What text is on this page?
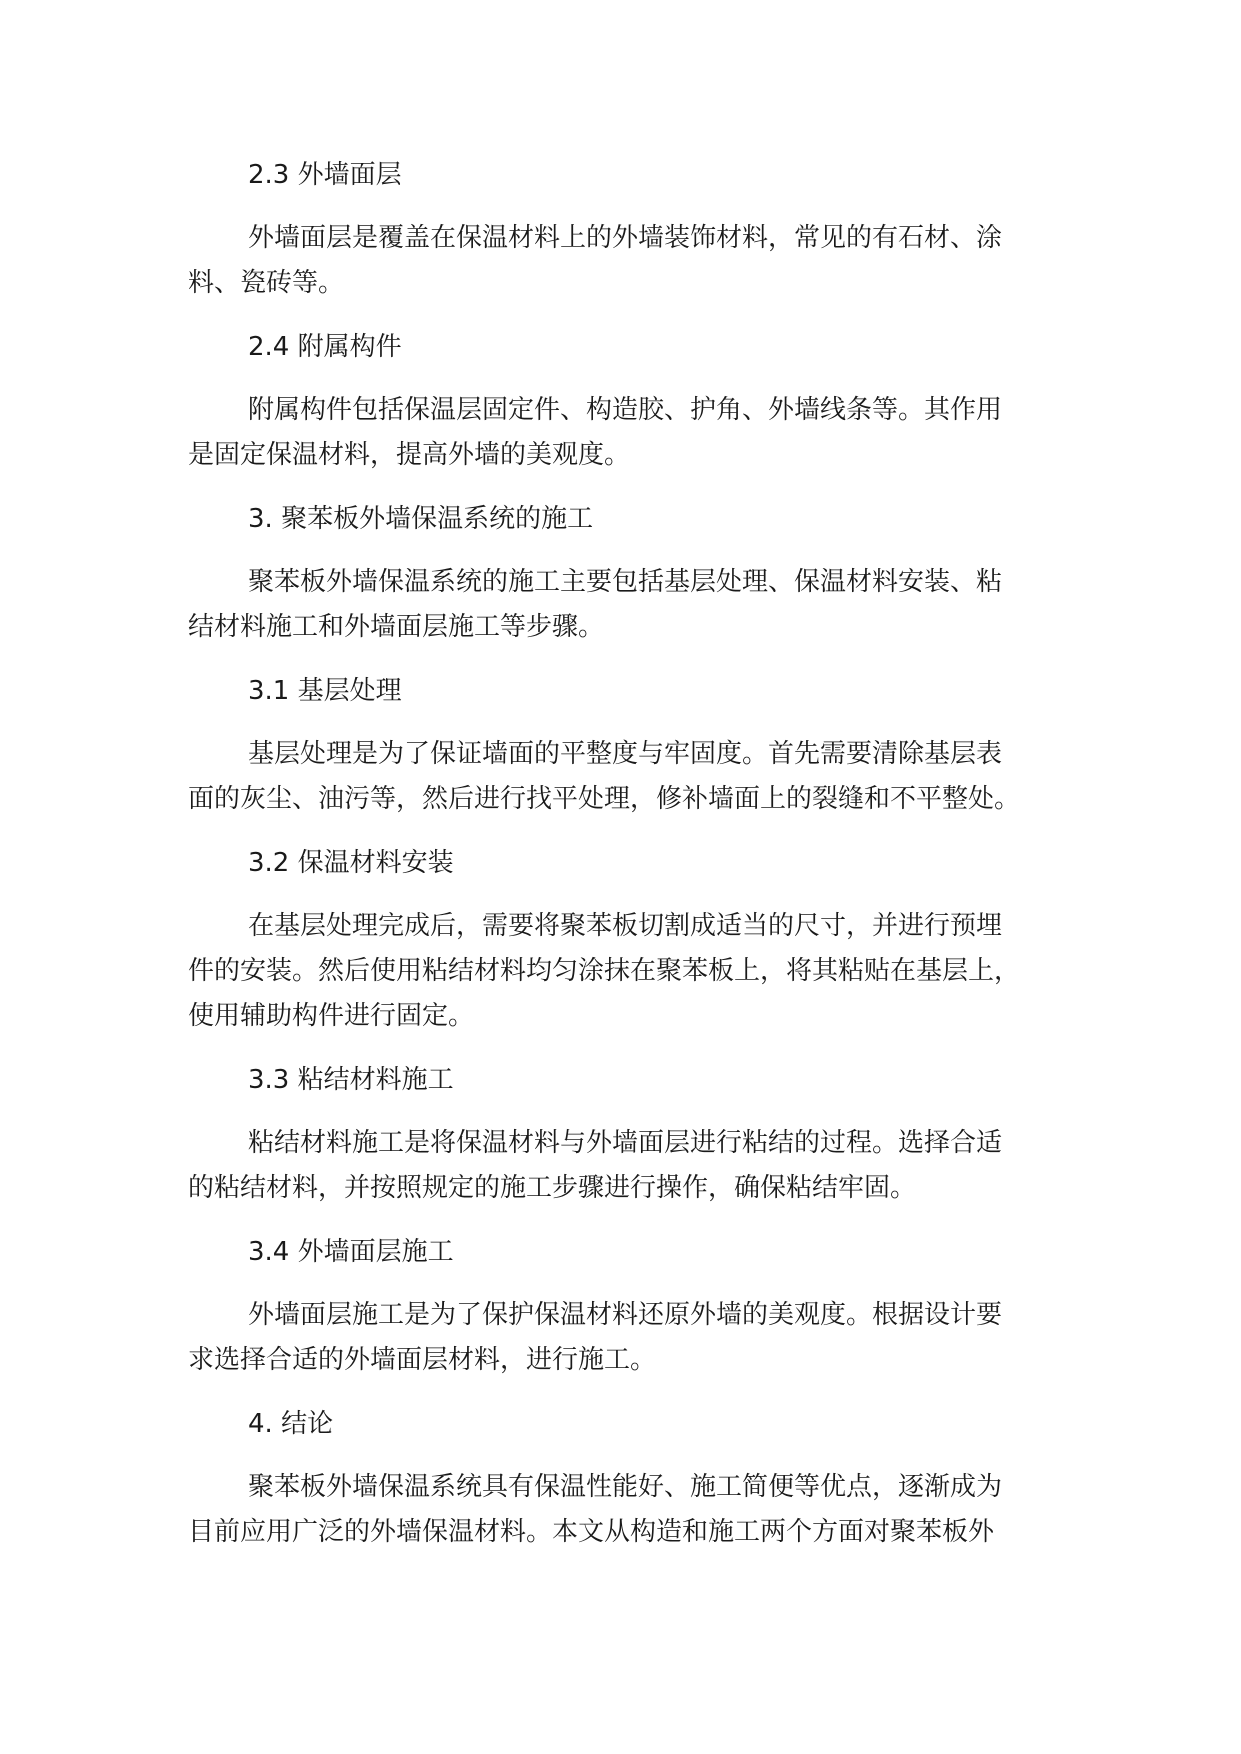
2.3 外墙面层

外墙面层是覆盖在保温材料上的外墙装饰材料，常见的有石材、涂
料、瓷砖等。

2.4 附属构件

附属构件包括保温层固定件、构造胶、护角、外墙线条等。其作用
是固定保温材料，提高外墙的美观度。

3. 聚苯板外墙保温系统的施工

聚苯板外墙保温系统的施工主要包括基层处理、保温材料安装、粘
结材料施工和外墙面层施工等步骤。

3.1 基层处理

基层处理是为了保证墙面的平整度与牢固度。首先需要清除基层表
面的灰尘、油污等，然后进行找平处理，修补墙面上的裂缝和不平整处。

3.2 保温材料安装

在基层处理完成后，需要将聚苯板切割成适当的尺寸，并进行预埋
件的安装。然后使用粘结材料均匀涂抹在聚苯板上，将其粘贴在基层上，
使用辅助构件进行固定。

3.3 粘结材料施工

粘结材料施工是将保温材料与外墙面层进行粘结的过程。选择合适
的粘结材料，并按照规定的施工步骤进行操作，确保粘结牢固。

3.4 外墙面层施工

外墙面层施工是为了保护保温材料还原外墙的美观度。根据设计要
求选择合适的外墙面层材料，进行施工。

4. 结论

聚苯板外墙保温系统具有保温性能好、施工简便等优点，逐渐成为
目前应用广泛的外墙保温材料。本文从构造和施工两个方面对聚苯板外
